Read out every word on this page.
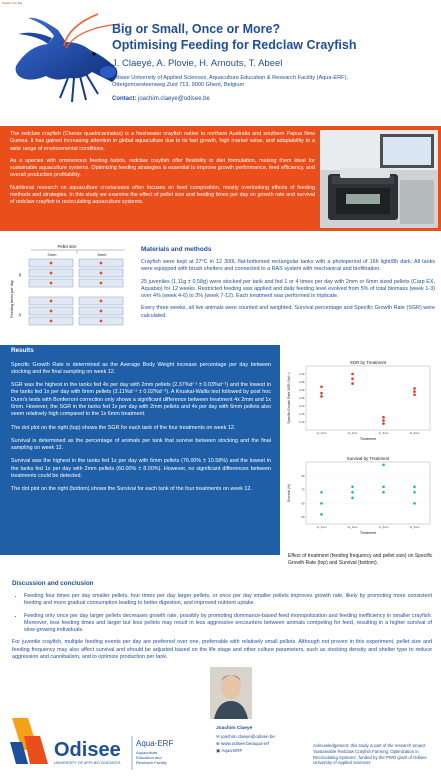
Poster Info Tag
Big or Small, Once or More?
Optimising Feeding for Redclaw Crayfish
J. Claeyé, A. Plovie, H. Arnouts, T. Abeel
Odisee University of Applied Sciences, Aquaculture Education & Research Facility (Aqua-ERF), Ottergemsesteenweg Zuid 713, 9000 Ghent, Belgium
Contact: joachim.claeye@odisee.be

The redclaw crayfish (Cherax quadricarinatus) is a freshwater crayfish native to northern Australia and southern Papua New Guinea. It has gained increasing attention in global aquaculture due to its fast growth, high market value, and adaptability to a wide range of environmental conditions.

As a species with omnivorous feeding habits, redclaw crayfish offer flexibility in diet formulation, making them ideal for sustainable aquaculture systems. Optimizing feeding strategies is essential to improve growth performance, feed efficiency, and overall production profitability.

Nutritional research on aquaculture crustaceans often focuses on feed composition, mostly overlooking effects of feeding methods and strategies. In this study we examine the effect of pellet size and feeding times per day on growth rate and survival of redclaw crayfish in recirculating aquaculture systems.

Pellet size
2mm	6mm
Feeding times per day
4x
1x
Materials and methods

Crayfish were kept at 27°C in 12 300L flat-bottomed rectangular tanks with a photoperiod of 16h light/8h dark. All tanks were equipped with brush shelters and connected to a RAS system with mechanical and biofiltration.

25 juveniles (1,11g ± 0,58g) were stocked per tank and fed 1 or 4 times per day with 2mm or 6mm sized pellets (Carp EX, Aquabio) for 12 weeks. Restricted feeding was applied and daily feeding level evolved from 5% of total biomass (week 1-3) over 4% (week 4-6) to 3% (week 7-12). Each treatment was performed in triplicate.

Every three weeks, all live animals were counted and weighted. Survival percentage and Specific Growth Rate (SGR) were calculated.

Results

Specific Growth Rate is determined as the Average Body Weight increase percentage per day between stocking and the final sampling on week 12.

SGR was the highest in the tanks fed 4x per day with 2mm pellets (2.37%d⁻¹ ± 0.03%d⁻¹) and the lowest in the tanks fed 1x per day with 6mm pellets (2.11%d⁻¹ ± 0.02%d⁻¹). A Kruskal-Wallis test followed by post hoc Dunn's tests with Bonferroni correction only shows a significant difference between treatment 4x 2mm and 1x 6mm. However, the SGR in the tanks fed 1x per day with 2mm pellets and 4x per day with 6mm pellets also seem relatively high compared to the 1x 6mm treatment.

The dot plot on the right (top) shows the SGR for each tank of the four treatments on week 12.

Survival is determined as the percentage of animals per tank that survive between stocking and the final sampling on week 12.

Survival was the highest in the tanks fed 1x per day with 6mm pellets (76.00% ± 10.58%) and the lowest in the tanks fed 1x per day with 2mm pellets (60.00% ± 8.00%). However, no significant differences between treatments could be detected.

The dot plot on the right (bottom) shows the Survival for each tank of the four treatments on week 12.

SGR by Treatment
2.10
2.15
2.20
2.25
2.30
2.35
2.40
1x_2mm	4x_2mm	1x_6mm	4x_6mm
Treatment
Specific Growth Rate SGR (%d⁻¹)
Survival by Treatment
50
60
70
80
1x_2mm	4x_2mm	1x_6mm	4x_6mm
Treatment
Survival (%)
Effect of treatment (feeding frequency and pellet size) on Specific Growth Rate (top) and Survival (bottom).
Discussion and conclusion
• Feeding four times per day smaller pellets, four times per day larger pellets, or once per day smaller pellets improves growth rate, likely by promoting more consistent feeding and more gradual consumption leading to better digestion, and improved nutrient uptake.
• Feeding only once per day larger pellets decreases growth rate, possibly by promoting dominance-based feed monopolization and feeding inefficiency in smaller crayfish. Moreover, less feeding times and larger but less pellets may result in less aggressive encounters between animals competing for feed, resulting in a higher survival of slow-growing individuals.

For juvenile crayfish, multiple feeding events per day are preferred over one, preferrable with relatively small pellets. Although not proven in this experiment, pellet size and feeding frequency may also affect survival and should be adjusted based on the life stage and other culture parameters, such as stocking density and shelter type to reduce aggression and cannibalism, and to optimize production per tank.

Odisee
UNIVERSITY OF APPLIED SCIENCES
Aqua-ERF
Aquaculture
Education and
Research Facility
Joachim Claeyé
✉ joachim.claeye@odisee.be
⊕ www.odisee.be/aqua-erf
▣ Aqua-ERF
Acknowledgement: this study is part of the research project 'Sustainable Redclaw Crayfish Farming: Optimization in Recirculating Systems', funded by the PWO grant of Odisee University of Applied Sciences
